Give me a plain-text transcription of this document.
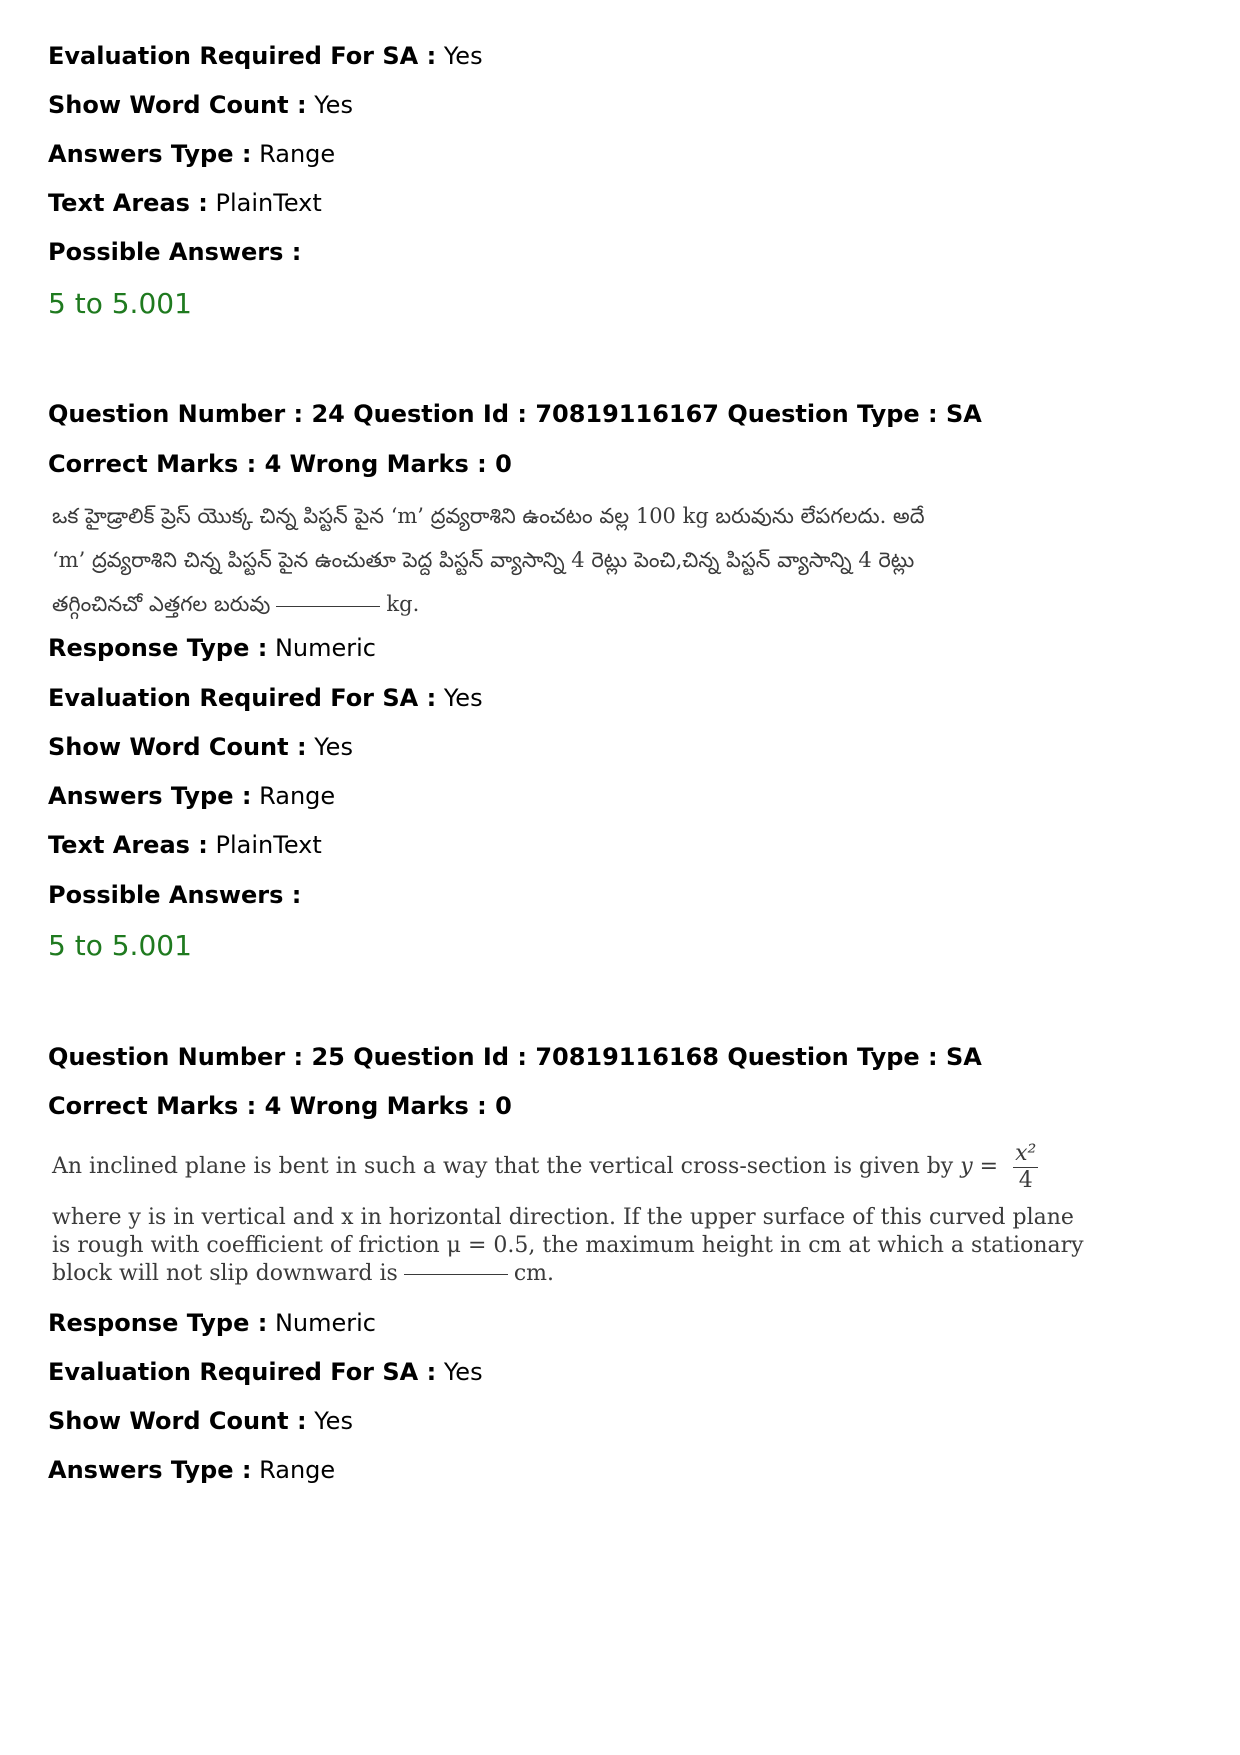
Evaluation Required For SA : Yes
Show Word Count : Yes
Answers Type : Range
Text Areas : PlainText
Possible Answers :
5 to 5.001
Question Number : 24 Question Id : 70819116167 Question Type : SA
Correct Marks : 4 Wrong Marks : 0
ఒక హైడ్రాలిక్ ప్రెస్ యొక్క చిన్న పిస్టన్ పైన ‘m’ ద్రవ్యరాశిని ఉంచటం వల్ల 100 kg బరువును లేపగలదు. అదే
‘m’ ద్రవ్యరాశిని చిన్న పిస్టన్ పైన ఉంచుతూ పెద్ద పిస్టన్ వ్యాసాన్ని 4 రెట్లు పెంచి,చిన్న పిస్టన్ వ్యాసాన్ని 4 రెట్లు
తగ్గించినచో ఎత్తగల బరువు	kg.
Response Type : Numeric
Evaluation Required For SA : Yes
Show Word Count : Yes
Answers Type : Range
Text Areas : PlainText
Possible Answers :
5 to 5.001
Question Number : 25 Question Id : 70819116168 Question Type : SA
Correct Marks : 4 Wrong Marks : 0
An inclined plane is bent in such a way that the vertical cross-section is given by $y = \frac{\text{x²}}{4}$
where y is in vertical and x in horizontal direction. If the upper surface of this curved plane
is rough with coefficient of friction μ = 0.5, the maximum height in cm at which a stationary
block will not slip downward is	cm.
Response Type : Numeric
Evaluation Required For SA : Yes
Show Word Count : Yes
Answers Type : Range
